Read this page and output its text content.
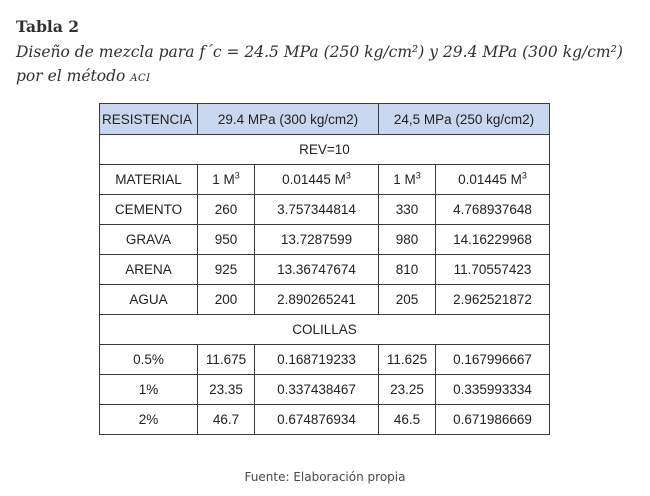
Tabla 2
Diseño de mezcla para f´c = 24.5 MPa (250 kg/cm²) y 29.4 MPa (300 kg/cm²) por el método aci
RESISTENCIA	29.4 MPa (300 kg/cm2)		24,5 MPa (250 kg/cm2)	
REV=10				
MATERIAL	1 $M^3$	0.01445 $M^3$	1 $M^3$	0.01445 $M^3$
CEMENTO	260	3.757344814	330	4.768937648
GRAVA	950	13.7287599	980	14.16229968
ARENA	925	13.36747674	810	11.70557423
AGUA	200	2.890265241	205	2.962521872
COLILLAS				
0.5%	11.675	0.168719233	11.625	0.167996667
1%	23.35	0.337438467	23.25	0.335993334
2%	46.7	0.674876934	46.5	0.671986669
Fuente: Elaboración propia
